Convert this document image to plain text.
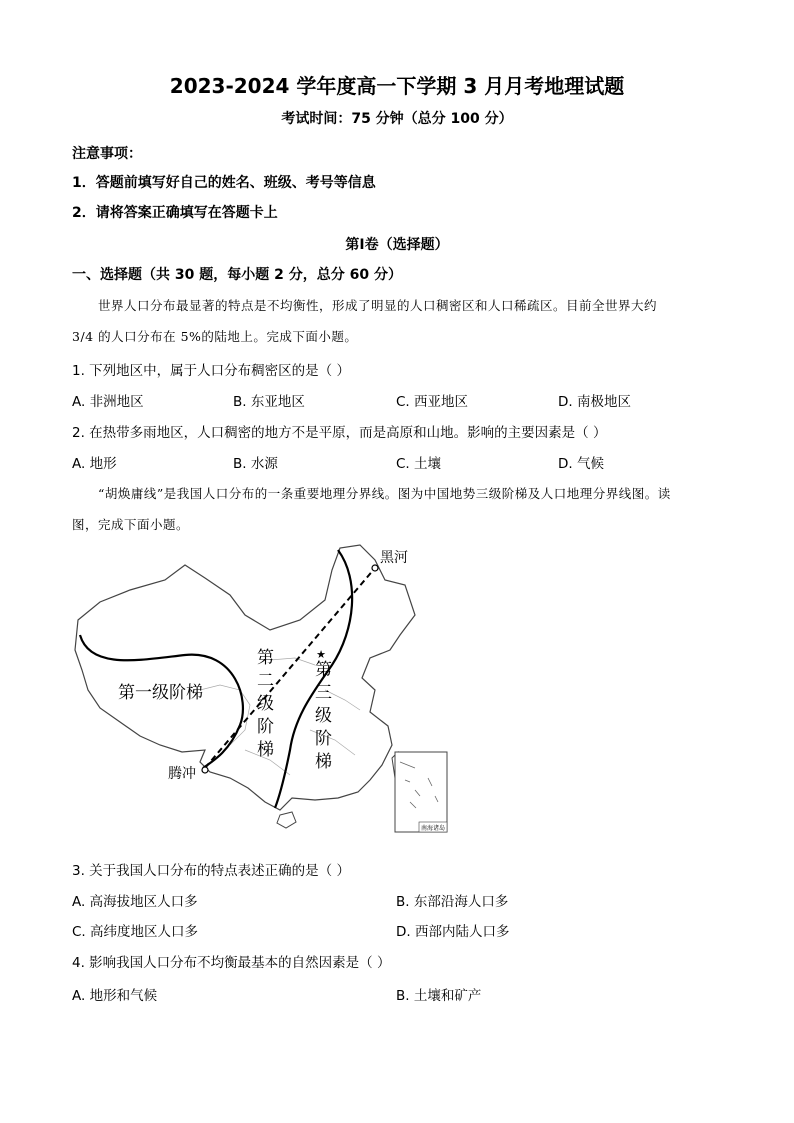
2023-2024 学年度高一下学期 3 月月考地理试题
考试时间：75 分钟（总分 100 分）
注意事项：
1．答题前填写好自己的姓名、班级、考号等信息
2．请将答案正确填写在答题卡上
第Ⅰ卷（选择题）
一、选择题（共 30 题，每小题 2 分，总分 60 分）
世界人口分布最显著的特点是不均衡性，形成了明显的人口稠密区和人口稀疏区。目前全世界大约
3/4 的人口分布在 5%的陆地上。完成下面小题。
1. 下列地区中，属于人口分布稠密区的是（ ）
A. 非洲地区	B. 东亚地区	C. 西亚地区	D. 南极地区
2. 在热带多雨地区，人口稠密的地方不是平原，而是高原和山地。影响的主要因素是（ ）
A. 地形	B. 水源	C. 土壤	D. 气候
“胡焕庸线”是我国人口分布的一条重要地理分界线。图为中国地势三级阶梯及人口地理分界线图。读
图，完成下面小题。
★
黑河
腾冲
第一级阶梯
第
二
级
阶
梯
第
三
级
阶
梯
南海诸岛
3. 关于我国人口分布的特点表述正确的是（ ）
A. 高海拔地区人口多	B. 东部沿海人口多
C. 高纬度地区人口多	D. 西部内陆人口多
4. 影响我国人口分布不均衡最基本的自然因素是（ ）
A. 地形和气候	B. 土壤和矿产
